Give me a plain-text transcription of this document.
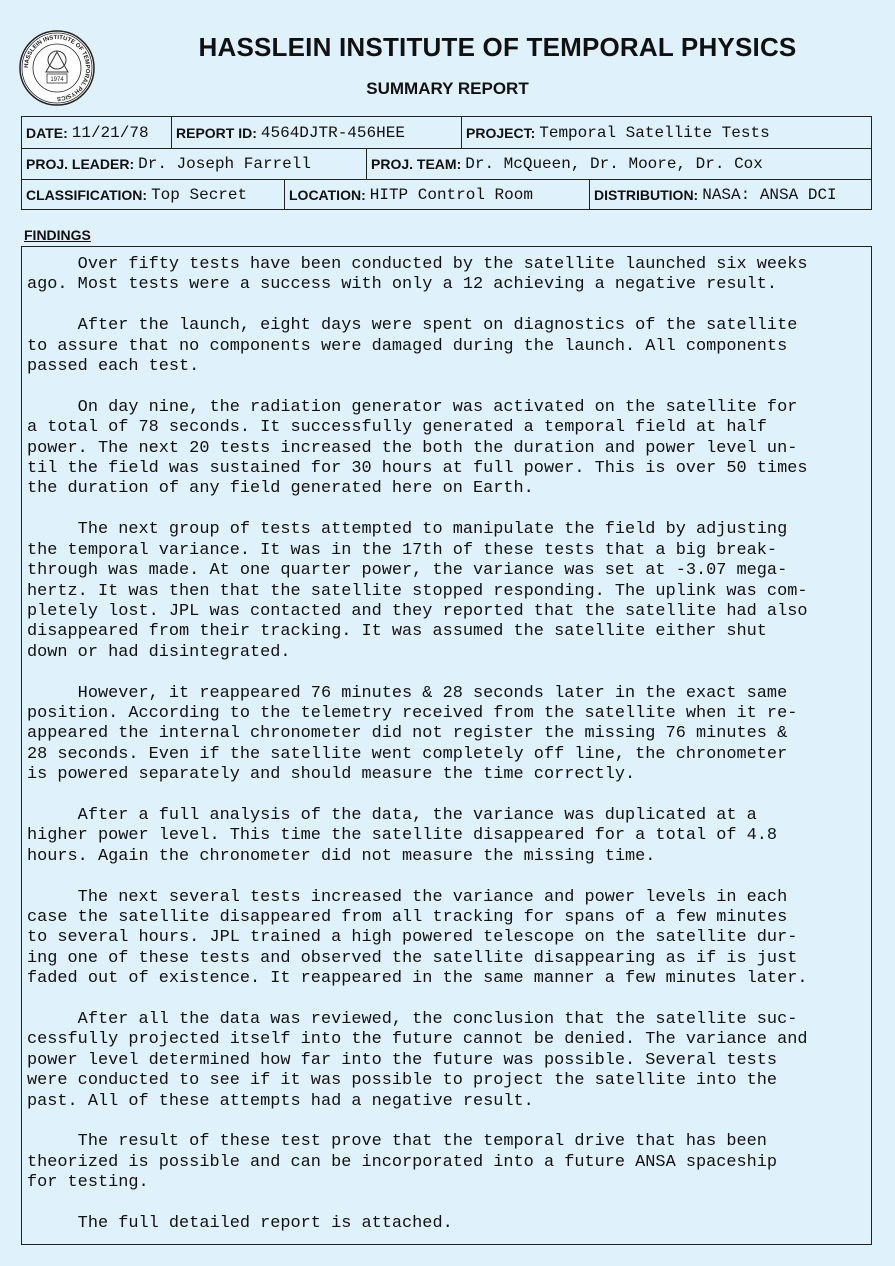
HASSLEIN INSTITUTE OF TEMPORAL PHYSICS
1974
HASSLEIN INSTITUTE OF TEMPORAL PHYSICS
SUMMARY REPORT
DATE: 11/21/78 REPORT ID: 4564DJTR-456HEE	PROJECT: Temporal Satellite Tests
PROJ. LEADER: Dr. Joseph Farrell	PROJ. TEAM: Dr. McQueen, Dr. Moore, Dr. Cox
CLASSIFICATION: Top Secret	LOCATION: HITP Control Room	DISTRIBUTION: NASA: ANSA DCI
FINDINGS
Over fifty tests have been conducted by the satellite launched six weeks
ago. Most tests were a success with only a 12 achieving a negative result.

After the launch, eight days were spent on diagnostics of the satellite
to assure that no components were damaged during the launch. All components
passed each test.

On day nine, the radiation generator was activated on the satellite for
a total of 78 seconds. It successfully generated a temporal field at half
power. The next 20 tests increased the both the duration and power level un-
til the field was sustained for 30 hours at full power. This is over 50 times
the duration of any field generated here on Earth.

The next group of tests attempted to manipulate the field by adjusting
the temporal variance. It was in the 17th of these tests that a big break-
through was made. At one quarter power, the variance was set at -3.07 mega-
hertz. It was then that the satellite stopped responding. The uplink was com-
pletely lost. JPL was contacted and they reported that the satellite had also
disappeared from their tracking. It was assumed the satellite either shut
down or had disintegrated.

However, it reappeared 76 minutes & 28 seconds later in the exact same
position. According to the telemetry received from the satellite when it re-
appeared the internal chronometer did not register the missing 76 minutes &
28 seconds. Even if the satellite went completely off line, the chronometer
is powered separately and should measure the time correctly.

After a full analysis of the data, the variance was duplicated at a
higher power level. This time the satellite disappeared for a total of 4.8
hours. Again the chronometer did not measure the missing time.

The next several tests increased the variance and power levels in each
case the satellite disappeared from all tracking for spans of a few minutes
to several hours. JPL trained a high powered telescope on the satellite dur-
ing one of these tests and observed the satellite disappearing as if is just
faded out of existence. It reappeared in the same manner a few minutes later.

After all the data was reviewed, the conclusion that the satellite suc-
cessfully projected itself into the future cannot be denied. The variance and
power level determined how far into the future was possible. Several tests
were conducted to see if it was possible to project the satellite into the
past. All of these attempts had a negative result.

The result of these test prove that the temporal drive that has been
theorized is possible and can be incorporated into a future ANSA spaceship
for testing.

The full detailed report is attached.
